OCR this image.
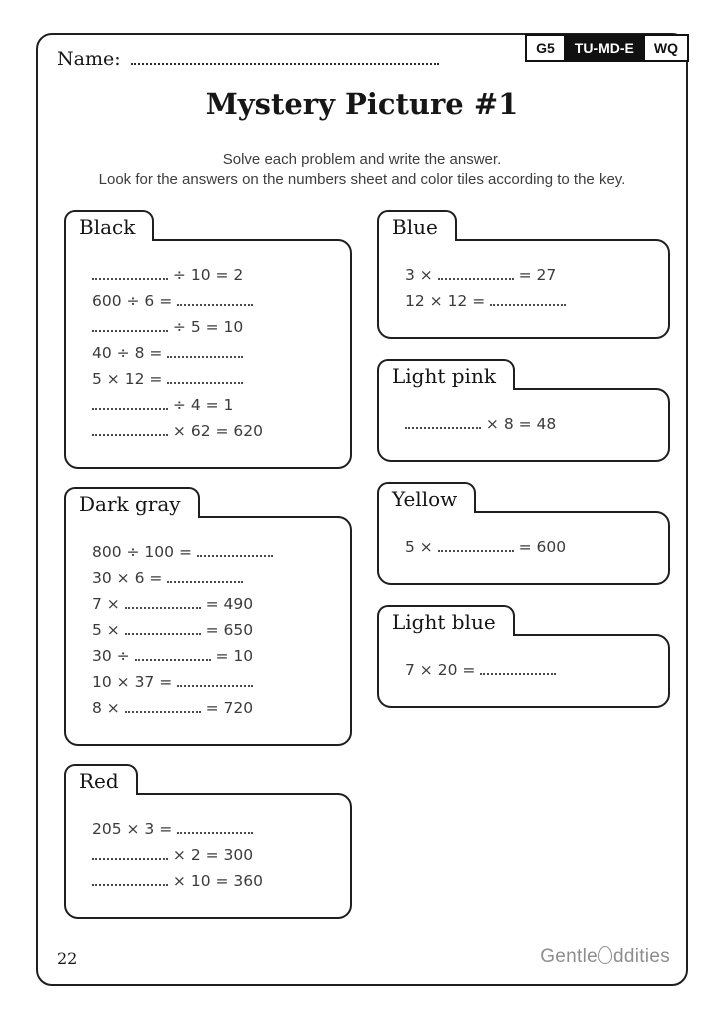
Name:
Mystery Picture #1
Solve each problem and write the answer.
Look for the answers on the numbers sheet and color tiles according to the key.
Black
÷ 10 = 2
600 ÷ 6 =
÷ 5 = 10
40 ÷ 8 =
5 × 12 =
÷ 4 = 1
× 62 = 620
Dark gray
800 ÷ 100 =
30 × 6 =
7 ×	= 490
5 ×	= 650
30 ÷	= 10
10 × 37 =
8 ×	= 720
Red
205 × 3 =
× 2 = 300
× 10 = 360
Blue
3 ×	= 27
12 × 12 =
Light pink
× 8 = 48
Yellow
5 ×	= 600
Light blue
7 × 20 =
22	Gentle ddities
G5	TU-MD-E	WQ
